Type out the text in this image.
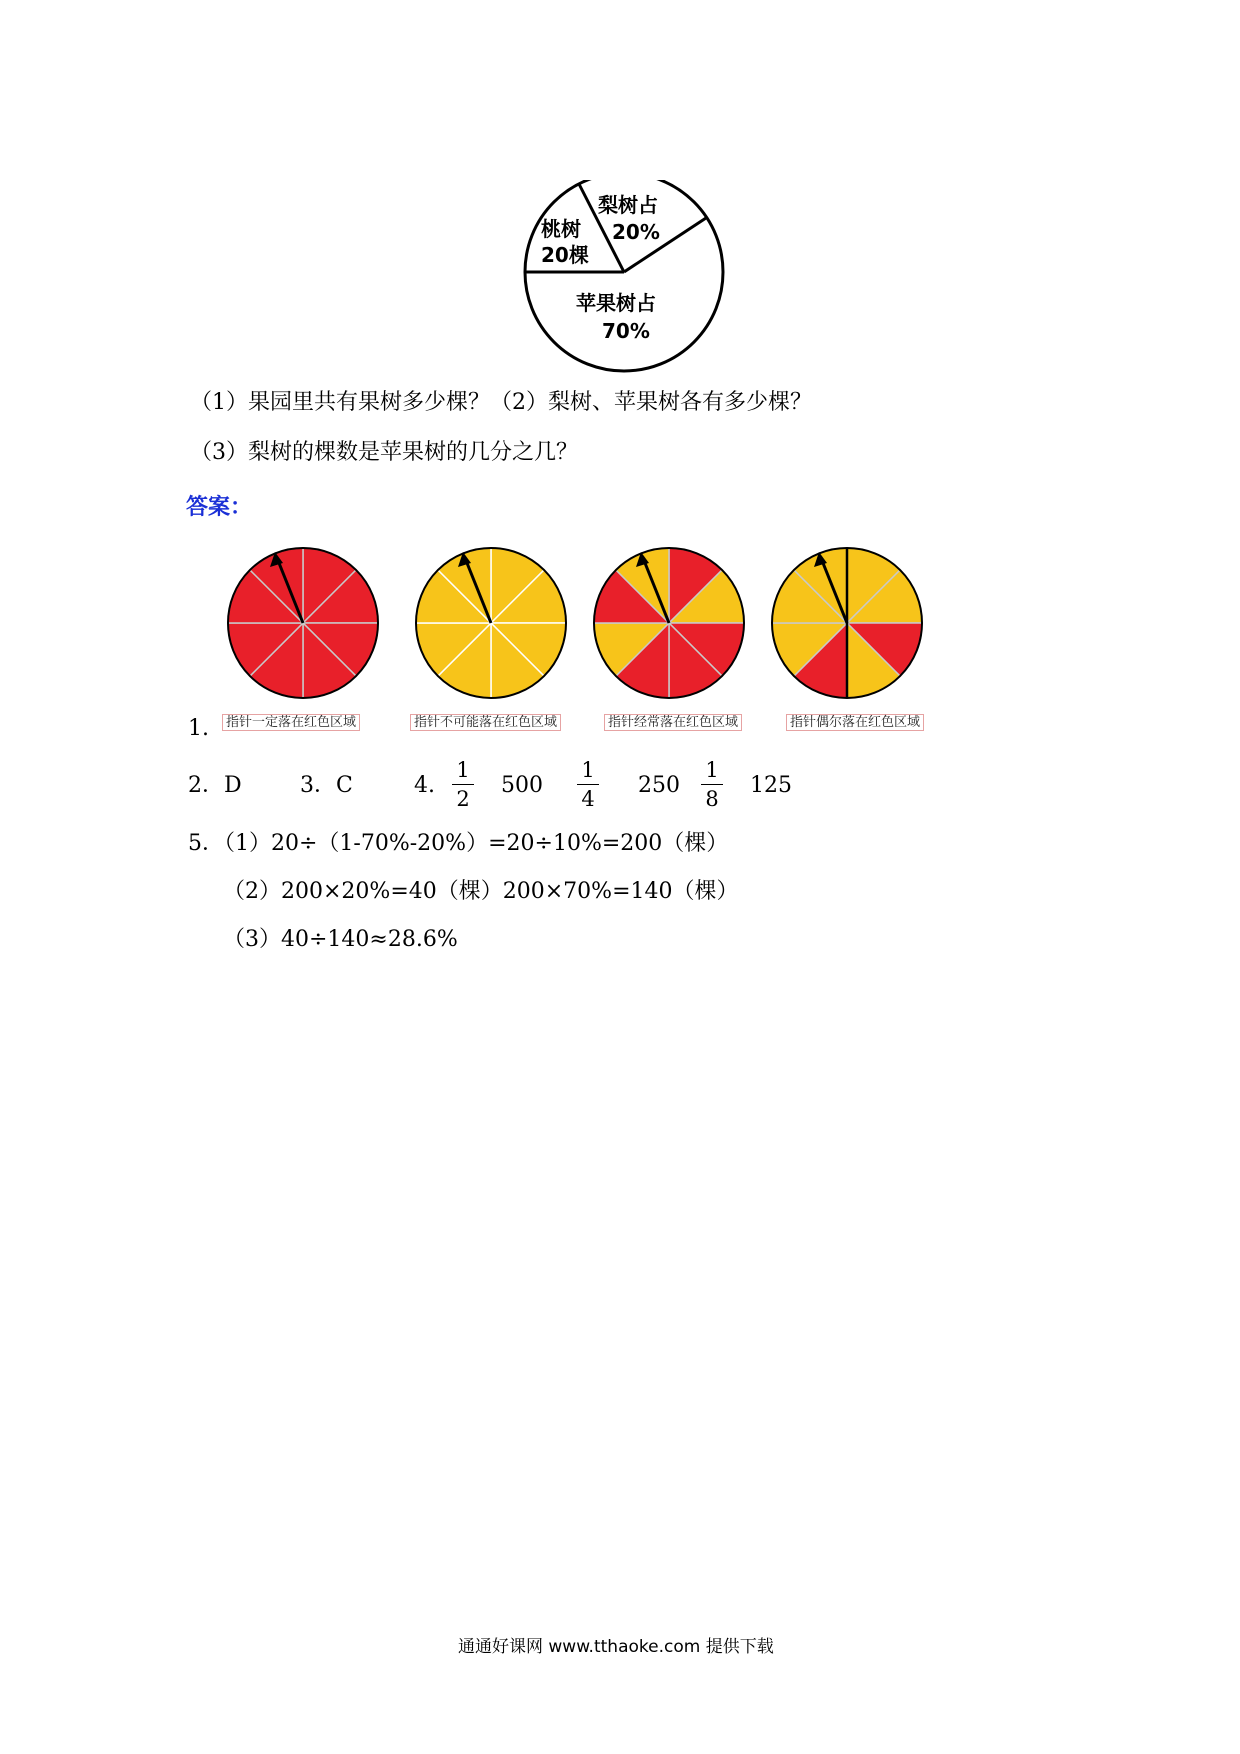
桃树
20棵
梨树占
20%
苹果树占
70%
（1）果园里共有果树多少棵？（2）梨树、苹果树各有多少棵？
（3）梨树的棵数是苹果树的几分之几？
答案：
1.	指针一定落在红色区域	指针不可能落在红色区域	指针经常落在红色区域	指针偶尔落在红色区域
2．D	3．C	4.
1
2
500
1
4
250
1
8
125
5．（1）20÷（1-70%-20%）=20÷10%=200（棵）
（2）200×20%=40（棵）200×70%=140（棵）
（3）40÷140≈28.6%
通通好课网 www.tthaoke.com 提供下载
